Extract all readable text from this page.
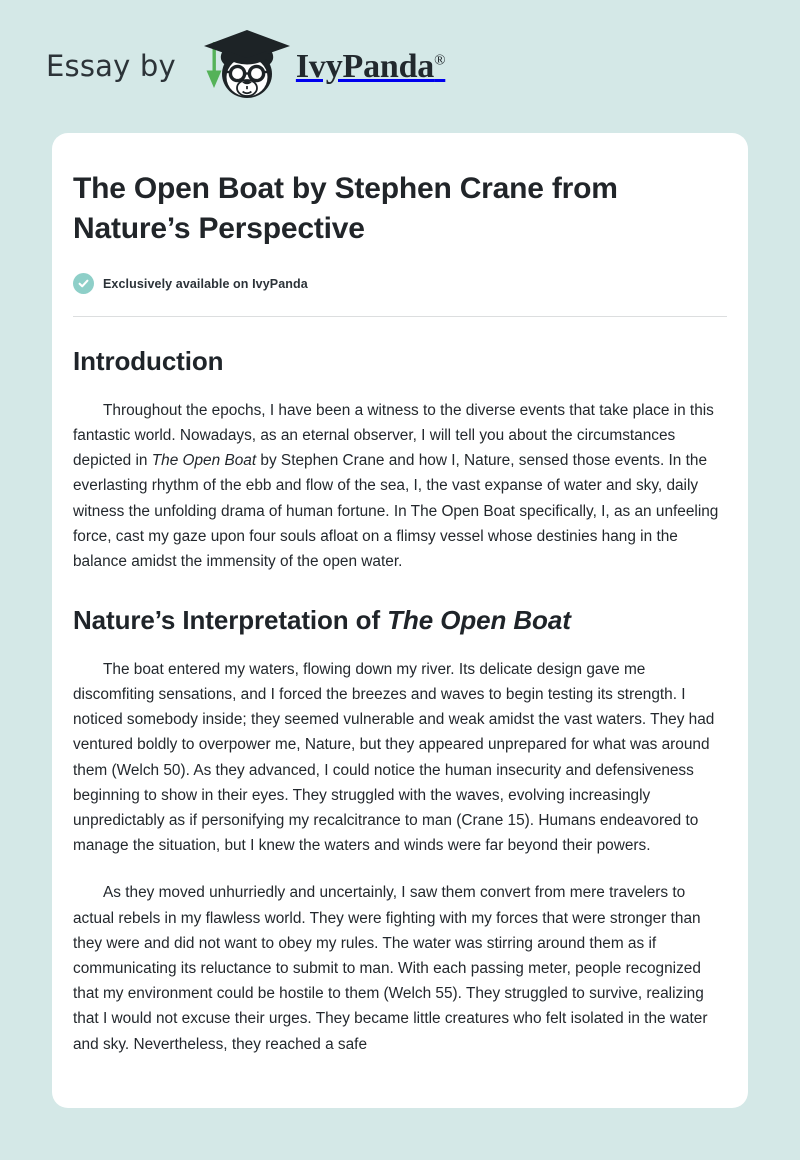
Essay by	IvyPanda®
The Open Boat by Stephen Crane from Nature’s Perspective
Exclusively available on IvyPanda
Introduction

Throughout the epochs, I have been a witness to the diverse events that take place in this fantastic world. Nowadays, as an eternal observer, I will tell you about the circumstances depicted in The Open Boat by Stephen Crane and how I, Nature, sensed those events. In the everlasting rhythm of the ebb and flow of the sea, I, the vast expanse of water and sky, daily witness the unfolding drama of human fortune. In The Open Boat specifically, I, as an unfeeling force, cast my gaze upon four souls afloat on a flimsy vessel whose destinies hang in the balance amidst the immensity of the open water.

Nature’s Interpretation of The Open Boat

The boat entered my waters, flowing down my river. Its delicate design gave me discomfiting sensations, and I forced the breezes and waves to begin testing its strength. I noticed somebody inside; they seemed vulnerable and weak amidst the vast waters. They had ventured boldly to overpower me, Nature, but they appeared unprepared for what was around them (Welch 50). As they advanced, I could notice the human insecurity and defensiveness beginning to show in their eyes. They struggled with the waves, evolving increasingly unpredictably as if personifying my recalcitrance to man (Crane 15). Humans endeavored to manage the situation, but I knew the waters and winds were far beyond their powers.

As they moved unhurriedly and uncertainly, I saw them convert from mere travelers to actual rebels in my flawless world. They were fighting with my forces that were stronger than they were and did not want to obey my rules. The water was stirring around them as if communicating its reluctance to submit to man. With each passing meter, people recognized that my environment could be hostile to them (Welch 55). They struggled to survive, realizing that I would not excuse their urges. They became little creatures who felt isolated in the water and sky. Nevertheless, they reached a safe
